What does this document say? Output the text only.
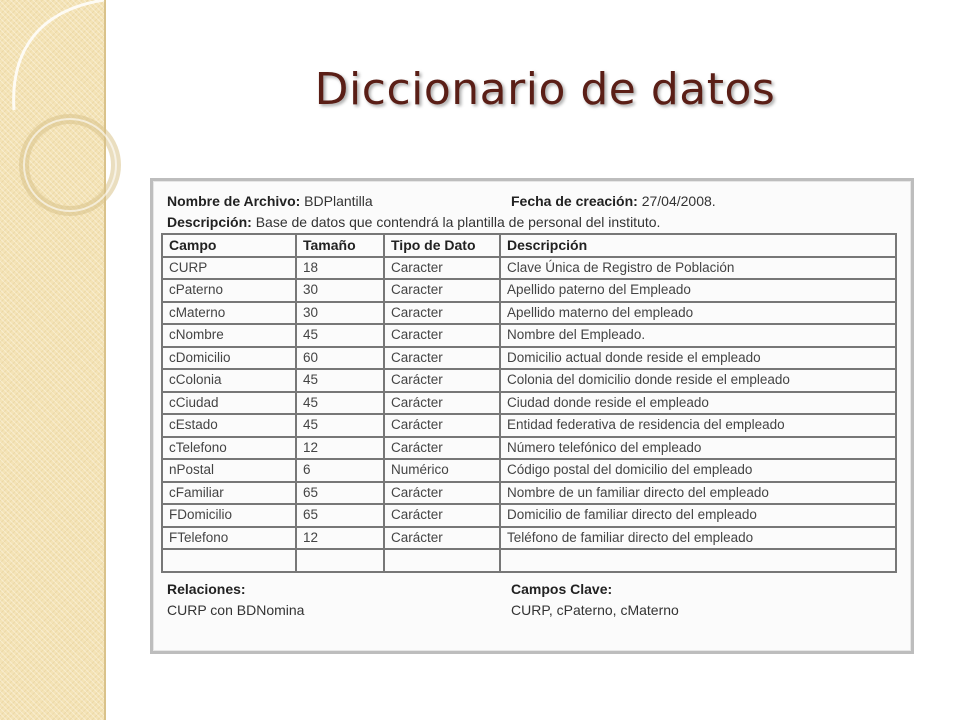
Diccionario de datos
Nombre de Archivo: BDPlantilla	Fecha de creación: 27/04/2008.
Descripción: Base de datos que contendrá la plantilla de personal del instituto.
Campo	Tamaño	Tipo de Dato	Descripción
CURP	18	Caracter	Clave Única de Registro de Población
cPaterno	30	Caracter	Apellido paterno del Empleado
cMaterno	30	Caracter	Apellido materno del empleado
cNombre	45	Caracter	Nombre del Empleado.
cDomicilio	60	Caracter	Domicilio actual donde reside el empleado
cColonia	45	Carácter	Colonia del domicilio donde reside el empleado
cCiudad	45	Carácter	Ciudad donde reside el empleado
cEstado	45	Carácter	Entidad federativa de residencia del empleado
cTelefono	12	Carácter	Número telefónico del empleado
nPostal	6	Numérico	Código postal del domicilio del empleado
cFamiliar	65	Carácter	Nombre de un familiar directo del empleado
FDomicilio	65	Carácter	Domicilio de familiar directo del empleado
FTelefono	12	Carácter	Teléfono de familiar directo del empleado

Relaciones:
CURP con BDNomina
Campos Clave:
CURP, cPaterno, cMaterno
